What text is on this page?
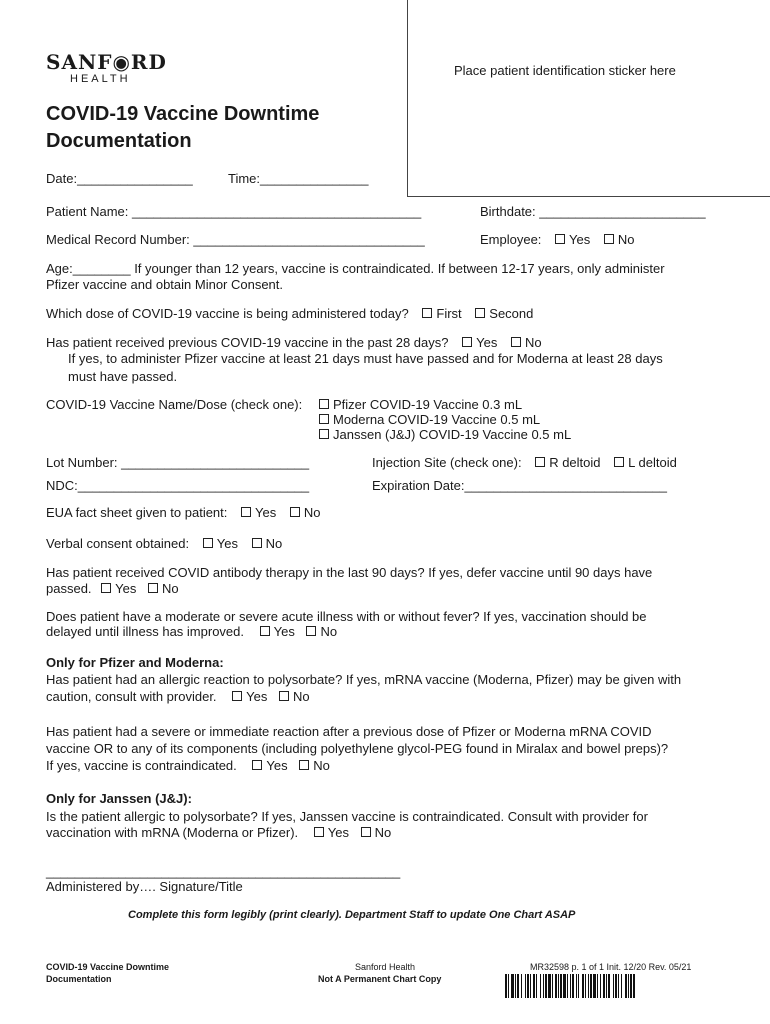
SANF◉RD
HEALTH
Place patient identification sticker here
COVID-19 Vaccine Downtime
Documentation
Date:________________	Time:_______________
Patient Name: ________________________________________	Birthdate: _______________________
Medical Record Number: ________________________________	Employee: Yes No
Age:________ If younger than 12 years, vaccine is contraindicated. If between 12-17 years, only administer
Pfizer vaccine and obtain Minor Consent.
Which dose of COVID-19 vaccine is being administered today? First Second
Has patient received previous COVID-19 vaccine in the past 28 days? Yes No
If yes, to administer Pfizer vaccine at least 21 days must have passed and for Moderna at least 28 days
must have passed.
COVID-19 Vaccine Name/Dose (check one):	Pfizer COVID-19 Vaccine 0.3 mL
Moderna COVID-19 Vaccine 0.5 mL
Janssen (J&J) COVID-19 Vaccine 0.5 mL
Lot Number: __________________________	Injection Site (check one): R deltoid L deltoid
NDC:________________________________	Expiration Date:____________________________
EUA fact sheet given to patient: Yes No
Verbal consent obtained: Yes No
Has patient received COVID antibody therapy in the last 90 days? If yes, defer vaccine until 90 days have
passed. Yes No
Does patient have a moderate or severe acute illness with or without fever? If yes, vaccination should be
delayed until illness has improved. Yes No
Only for Pfizer and Moderna:
Has patient had an allergic reaction to polysorbate? If yes, mRNA vaccine (Moderna, Pfizer) may be given with
caution, consult with provider. Yes No
Has patient had a severe or immediate reaction after a previous dose of Pfizer or Moderna mRNA COVID
vaccine OR to any of its components (including polyethylene glycol-PEG found in Miralax and bowel preps)?
If yes, vaccine is contraindicated. Yes No
Only for Janssen (J&J):
Is the patient allergic to polysorbate? If yes, Janssen vaccine is contraindicated. Consult with provider for
vaccination with mRNA (Moderna or Pfizer). Yes No
_________________________________________________
Administered by…. Signature/Title
Complete this form legibly (print clearly). Department Staff to update One Chart ASAP
COVID-19 Vaccine Downtime
Documentation
Sanford Health
Not A Permanent Chart Copy
MR32598 p. 1 of 1 Init. 12/20 Rev. 05/21
